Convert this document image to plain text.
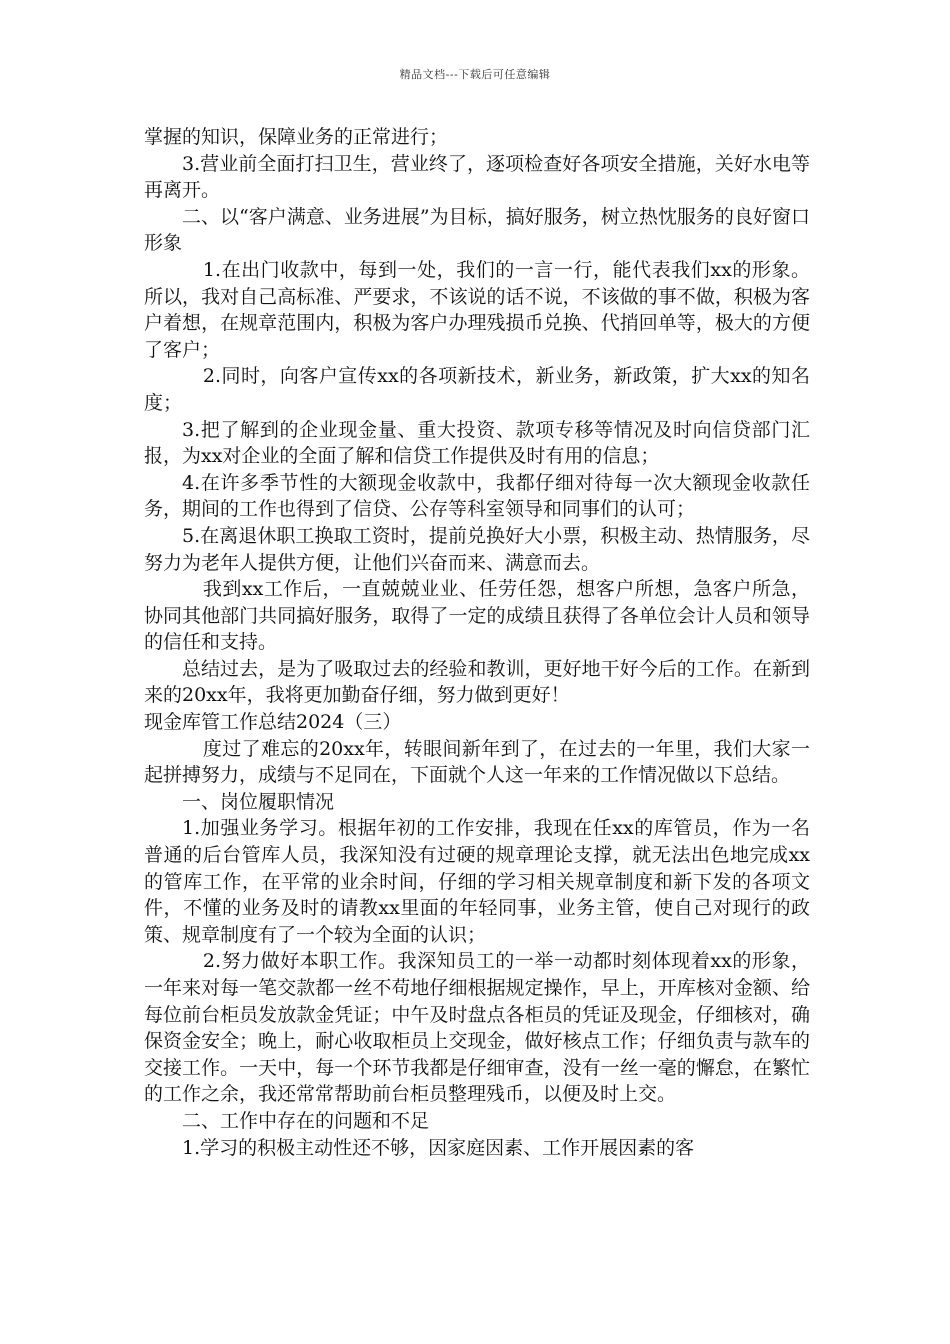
精品文档---下载后可任意编辑

掌握的知识，保障业务的正常进行；

3.营业前全面打扫卫生，营业终了，逐项检查好各项安全措施，关好水电等再离开。

二、以“客户满意、业务进展”为目标，搞好服务，树立热忱服务的良好窗口形象

1.在出门收款中，每到一处，我们的一言一行，能代表我们xx的形象。所以，我对自己高标准、严要求，不该说的话不说，不该做的事不做，积极为客户着想，在规章范围内，积极为客户办理残损币兑换、代捎回单等，极大的方便了客户；

2.同时，向客户宣传xx的各项新技术，新业务，新政策，扩大xx的知名度；

3.把了解到的企业现金量、重大投资、款项专移等情况及时向信贷部门汇报，为xx对企业的全面了解和信贷工作提供及时有用的信息；

4.在许多季节性的大额现金收款中，我都仔细对待每一次大额现金收款任务，期间的工作也得到了信贷、公存等科室领导和同事们的认可；

5.在离退休职工换取工资时，提前兑换好大小票，积极主动、热情服务，尽努力为老年人提供方便，让他们兴奋而来、满意而去。

我到xx工作后，一直兢兢业业、任劳任怨，想客户所想，急客户所急，协同其他部门共同搞好服务，取得了一定的成绩且获得了各单位会计人员和领导的信任和支持。

总结过去，是为了吸取过去的经验和教训，更好地干好今后的工作。在新到来的20xx年，我将更加勤奋仔细，努力做到更好！

现金库管工作总结2024（三）

度过了难忘的20xx年，转眼间新年到了，在过去的一年里，我们大家一起拼搏努力，成绩与不足同在，下面就个人这一年来的工作情况做以下总结。

一、岗位履职情况

1.加强业务学习。根据年初的工作安排，我现在任xx的库管员，作为一名普通的后台管库人员，我深知没有过硬的规章理论支撑，就无法出色地完成xx的管库工作，在平常的业余时间，仔细的学习相关规章制度和新下发的各项文件，不懂的业务及时的请教xx里面的年轻同事，业务主管，使自己对现行的政策、规章制度有了一个较为全面的认识；

2.努力做好本职工作。我深知员工的一举一动都时刻体现着xx的形象，一年来对每一笔交款都一丝不苟地仔细根据规定操作，早上，开库核对金额、给每位前台柜员发放款金凭证；中午及时盘点各柜员的凭证及现金，仔细核对，确保资金安全；晚上，耐心收取柜员上交现金，做好核点工作；仔细负责与款车的交接工作。一天中，每一个环节我都是仔细审查，没有一丝一毫的懈怠，在繁忙的工作之余，我还常常帮助前台柜员整理残币，以便及时上交。

二、工作中存在的问题和不足

1.学习的积极主动性还不够，因家庭因素、工作开展因素的客
